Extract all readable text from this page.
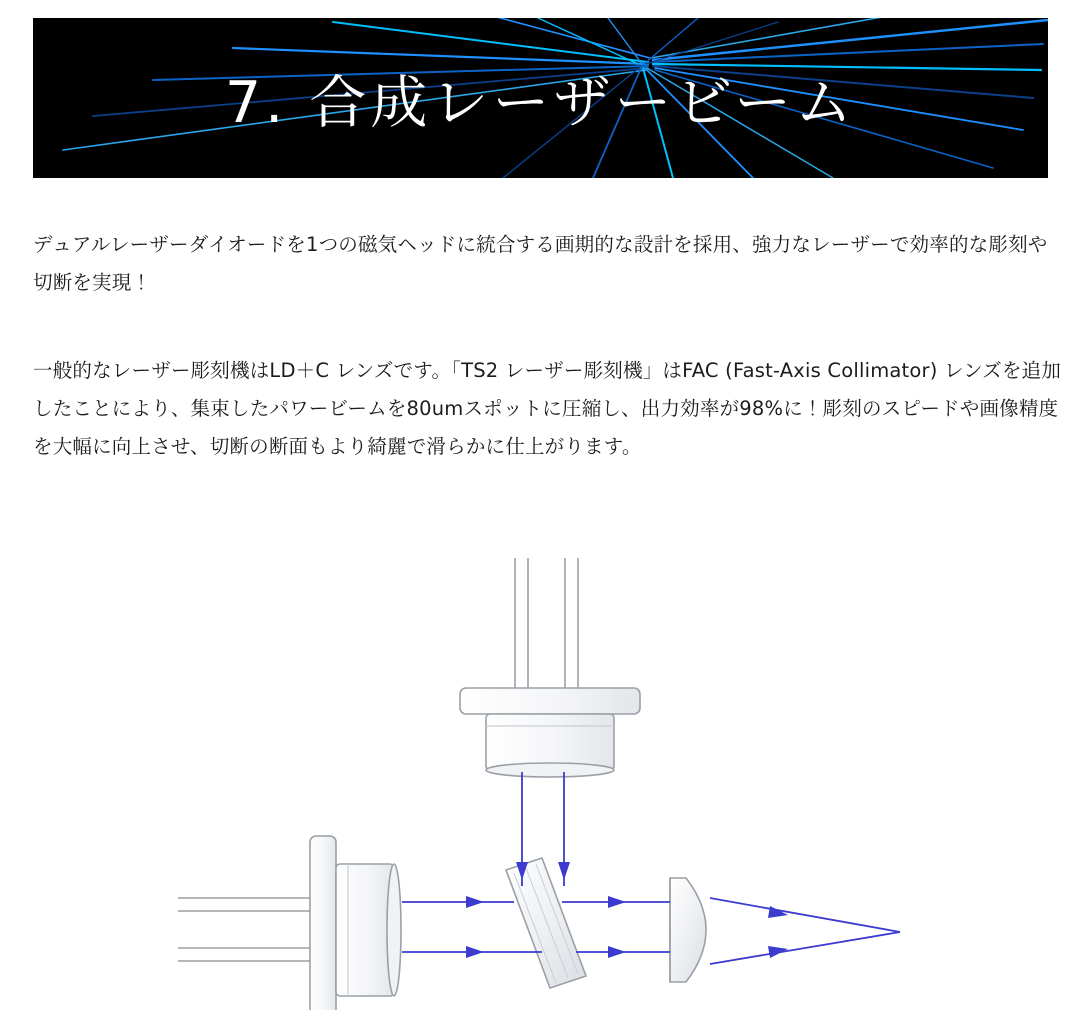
7. 合成レーザービーム

デュアルレーザーダイオードを1つの磁気ヘッドに統合する画期的な設計を採用、強力なレーザーで効率的な彫刻や切断を実現！

一般的なレーザー彫刻機はLD＋C レンズです。「TS2 レーザー彫刻機」はFAC (Fast-Axis Collimator) レンズを追加したことにより、集束したパワービームを80umスポットに圧縮し、出力効率が98%に！彫刻のスピードや画像精度を大幅に向上させ、切断の断面もより綺麗で滑らかに仕上がります。
